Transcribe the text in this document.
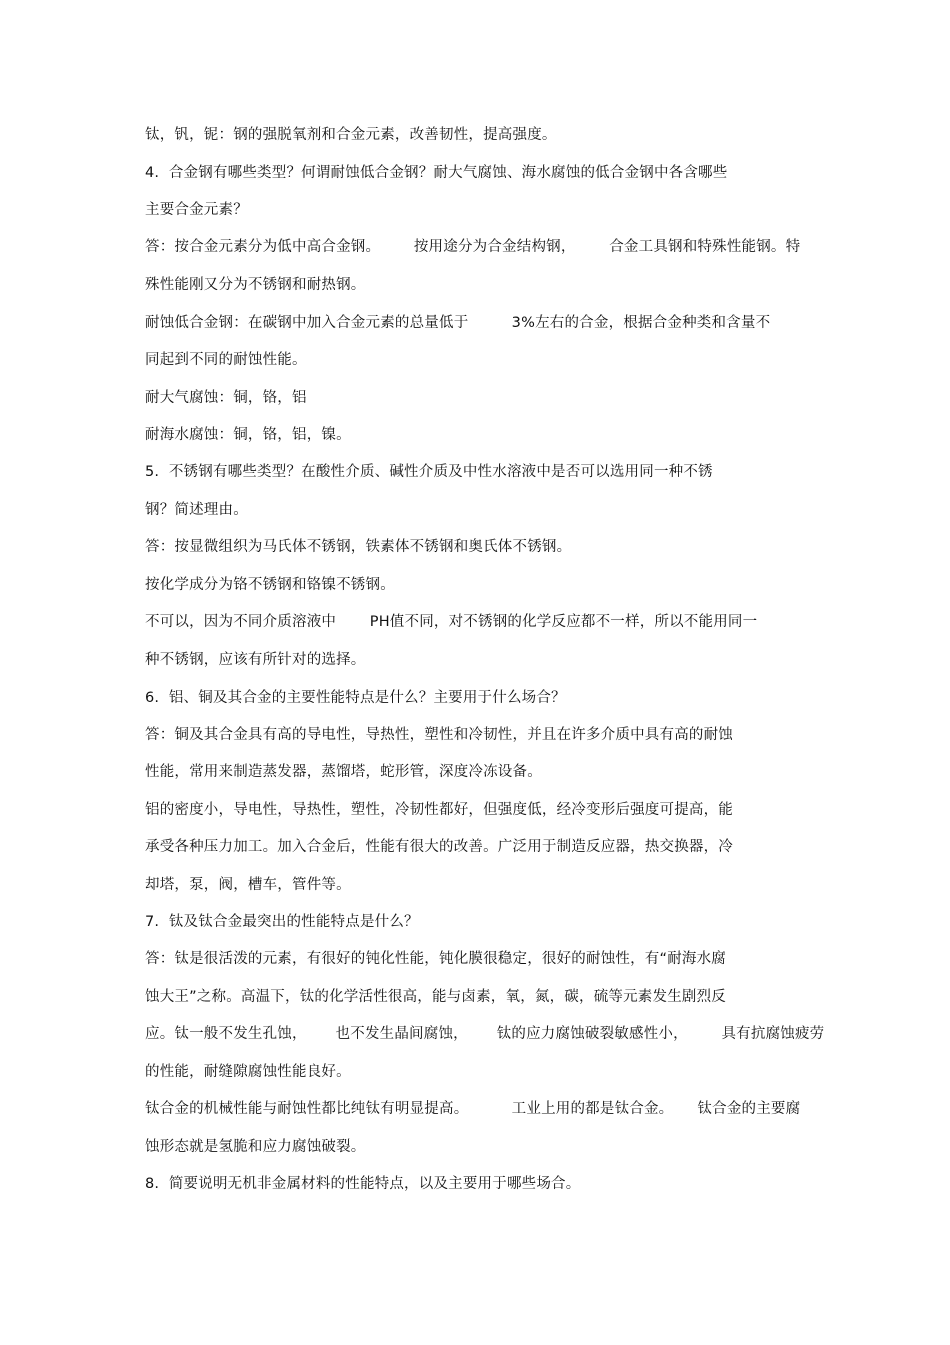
钛，钒，铌：钢的强脱氧剂和合金元素，改善韧性，提高强度。
4.  合金钢有哪些类型？何谓耐蚀低合金钢？耐大气腐蚀、海水腐蚀的低合金钢中各含哪些
主要合金元素？
答：按合金元素分为低中高合金钢。       按用途分为合金结构钢，       合金工具钢和特殊性能钢。特
殊性能刚又分为不锈钢和耐热钢。
耐蚀低合金钢：在碳钢中加入合金元素的总量低于         3%左右的合金，根据合金种类和含量不
同起到不同的耐蚀性能。
耐大气腐蚀：铜，铬，铝
耐海水腐蚀：铜，铬，铝，镍。
5.  不锈钢有哪些类型？在酸性介质、碱性介质及中性水溶液中是否可以选用同一种不锈
钢？简述理由。
答：按显微组织为马氏体不锈钢，铁素体不锈钢和奥氏体不锈钢。
按化学成分为铬不锈钢和铬镍不锈钢。
不可以，因为不同介质溶液中       PH值不同，对不锈钢的化学反应都不一样，所以不能用同一
种不锈钢，应该有所针对的选择。
6.  铝、铜及其合金的主要性能特点是什么？主要用于什么场合？
答：铜及其合金具有高的导电性，导热性，塑性和冷韧性，并且在许多介质中具有高的耐蚀
性能，常用来制造蒸发器，蒸馏塔，蛇形管，深度冷冻设备。
铝的密度小，导电性，导热性，塑性，冷韧性都好，但强度低，经冷变形后强度可提高，能
承受各种压力加工。加入合金后，性能有很大的改善。广泛用于制造反应器，热交换器，冷
却塔，泵，阀，槽车，管件等。
7.  钛及钛合金最突出的性能特点是什么？
答：钛是很活泼的元素，有很好的钝化性能，钝化膜很稳定，很好的耐蚀性，有“耐海水腐
蚀大王”之称。高温下，钛的化学活性很高，能与卤素，氧，氮，碳，硫等元素发生剧烈反
应。钛一般不发生孔蚀，      也不发生晶间腐蚀，      钛的应力腐蚀破裂敏感性小，       具有抗腐蚀疲劳
的性能，耐缝隙腐蚀性能良好。
钛合金的机械性能与耐蚀性都比纯钛有明显提高。         工业上用的都是钛合金。     钛合金的主要腐
蚀形态就是氢脆和应力腐蚀破裂。
8.  简要说明无机非金属材料的性能特点，以及主要用于哪些场合。
